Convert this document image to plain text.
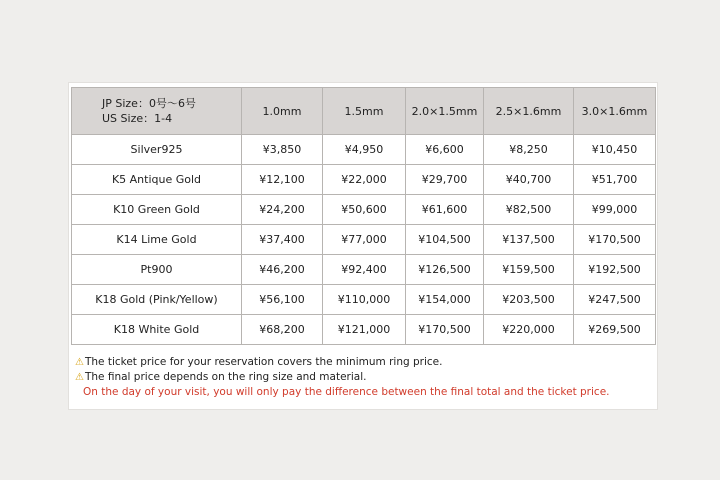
JP Size：0号〜6号
US Size：1-4	1.0mm	1.5mm	2.0×1.5mm	2.5×1.6mm	3.0×1.6mm
Silver925	¥3,850	¥4,950	¥6,600	¥8,250	¥10,450
K5 Antique Gold	¥12,100	¥22,000	¥29,700	¥40,700	¥51,700
K10 Green Gold	¥24,200	¥50,600	¥61,600	¥82,500	¥99,000
K14 Lime Gold	¥37,400	¥77,000	¥104,500	¥137,500	¥170,500
Pt900	¥46,200	¥92,400	¥126,500	¥159,500	¥192,500
K18 Gold (Pink/Yellow)	¥56,100	¥110,000	¥154,000	¥203,500	¥247,500
K18 White Gold	¥68,200	¥121,000	¥170,500	¥220,000	¥269,500
⚠The ticket price for your reservation covers the minimum ring price.
⚠The final price depends on the ring size and material.
On the day of your visit, you will only pay the difference between the final total and the ticket price.
